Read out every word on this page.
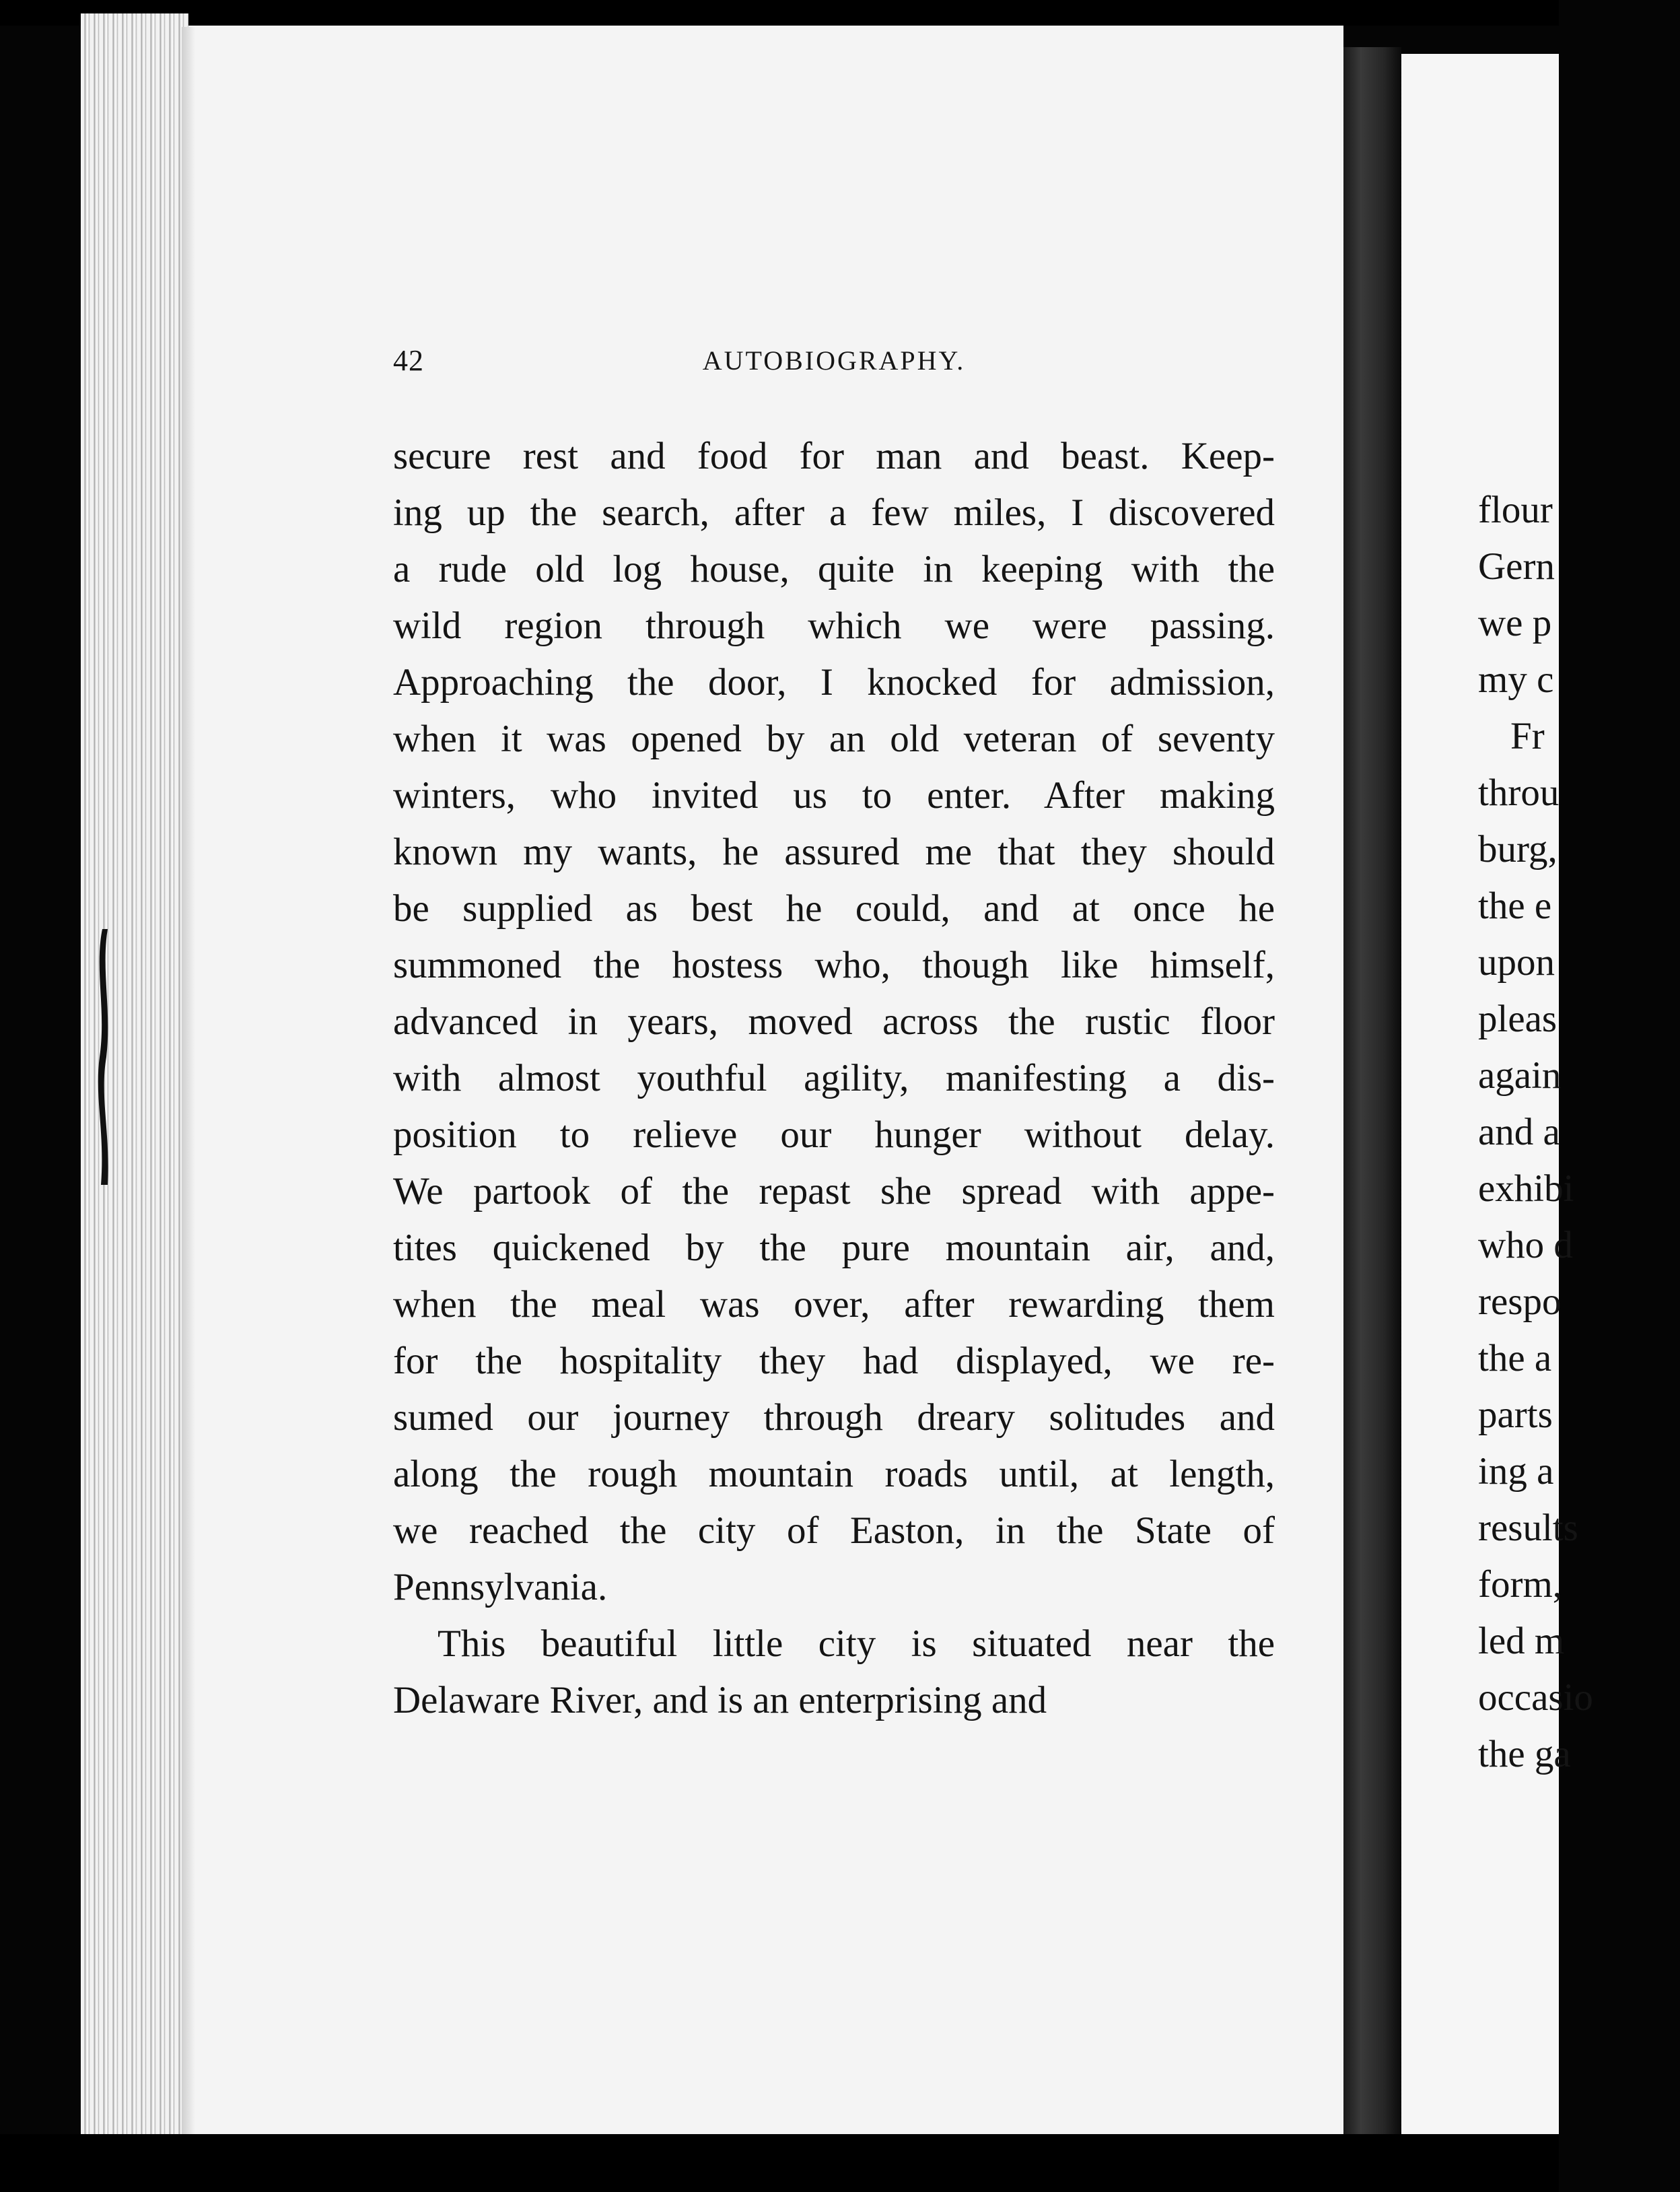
flour
Gern
we p
my c
Fr
throu
burg,
the e
upon
pleas
again
and a
exhibi
who d
respo
the a
parts
ing a
results
form,
led m
occasio
the ga
42	AUTOBIOGRAPHY.
secure rest and food for man and beast. Keep-
ing up the search, after a few miles, I discovered
a rude old log house, quite in keeping with the
wild region through which we were passing.
Approaching the door, I knocked for admission,
when it was opened by an old veteran of seventy
winters, who invited us to enter. After making
known my wants, he assured me that they should
be supplied as best he could, and at once he
summoned the hostess who, though like himself,
advanced in years, moved across the rustic floor
with almost youthful agility, manifesting a dis-
position to relieve our hunger without delay.
We partook of the repast she spread with appe-
tites quickened by the pure mountain air, and,
when the meal was over, after rewarding them
for the hospitality they had displayed, we re-
sumed our journey through dreary solitudes and
along the rough mountain roads until, at length,
we reached the city of Easton, in the State of
Pennsylvania.
This beautiful little city is situated near the
Delaware River, and is an enterprising and
